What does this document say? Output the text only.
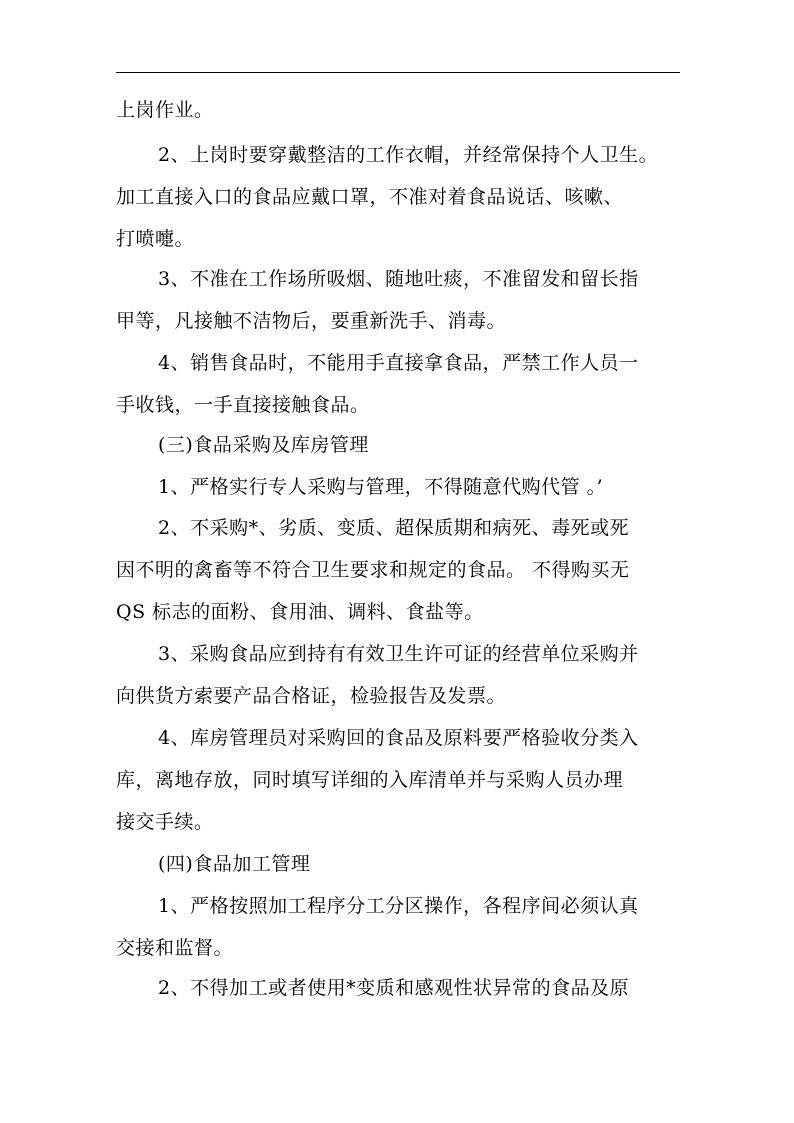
上岗作业。
2、上岗时要穿戴整洁的工作衣帽，并经常保持个人卫生。
加工直接入口的食品应戴口罩，不准对着食品说话、咳嗽、
打喷嚏。
3、不准在工作场所吸烟、随地吐痰，不准留发和留长指
甲等，凡接触不洁物后，要重新洗手、消毒。
4、销售食品时，不能用手直接拿食品，严禁工作人员一
手收钱，一手直接接触食品。
(三)食品采购及库房管理
1、严格实行专人采购与管理，不得随意代购代管 。’
2、不采购*、劣质、变质、超保质期和病死、毒死或死
因不明的禽畜等不符合卫生要求和规定的食品。 不得购买无
QS 标志的面粉、食用油、调料、食盐等。
3、采购食品应到持有有效卫生许可证的经营单位采购并
向供货方索要产品合格证，检验报告及发票。
4、库房管理员对采购回的食品及原料要严格验收分类入
库，离地存放，同时填写详细的入库清单并与采购人员办理
接交手续。
(四)食品加工管理
1、严格按照加工程序分工分区操作，各程序间必须认真
交接和监督。
2、不得加工或者使用*变质和感观性状异常的食品及原
